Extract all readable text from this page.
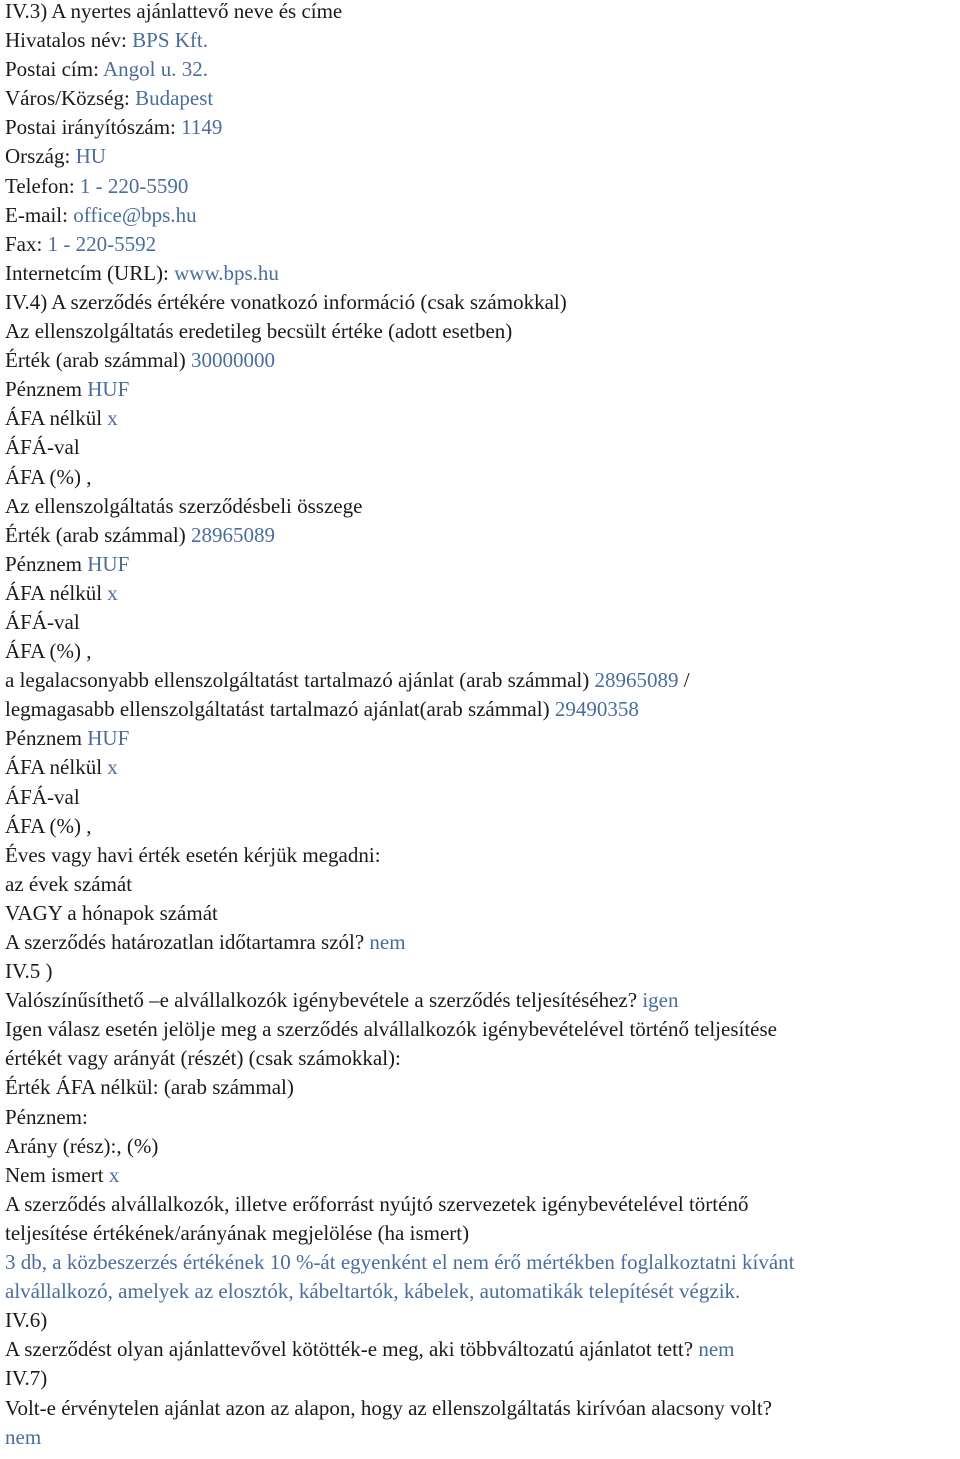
IV.3) A nyertes ajánlattevő neve és címe
Hivatalos név: BPS Kft.
Postai cím: Angol u. 32.
Város/Község: Budapest
Postai irányítószám: 1149
Ország: HU
Telefon: 1 - 220-5590
E-mail: office@bps.hu
Fax: 1 - 220-5592
Internetcím (URL): www.bps.hu
IV.4) A szerződés értékére vonatkozó információ (csak számokkal)
Az ellenszolgáltatás eredetileg becsült értéke (adott esetben)
Érték (arab számmal) 30000000
Pénznem HUF
ÁFA nélkül x
ÁFÁ-val
ÁFA (%) ,
Az ellenszolgáltatás szerződésbeli összege
Érték (arab számmal) 28965089
Pénznem HUF
ÁFA nélkül x
ÁFÁ-val
ÁFA (%) ,
a legalacsonyabb ellenszolgáltatást tartalmazó ajánlat (arab számmal) 28965089 /
legmagasabb ellenszolgáltatást tartalmazó ajánlat(arab számmal) 29490358
Pénznem HUF
ÁFA nélkül x
ÁFÁ-val
ÁFA (%) ,
Éves vagy havi érték esetén kérjük megadni:
az évek számát
VAGY a hónapok számát
A szerződés határozatlan időtartamra szól? nem
IV.5 )
Valószínűsíthető –e alvállalkozók igénybevétele a szerződés teljesítéséhez? igen
Igen válasz esetén jelölje meg a szerződés alvállalkozók igénybevételével történő teljesítése
értékét vagy arányát (részét) (csak számokkal):
Érték ÁFA nélkül: (arab számmal)
Pénznem:
Arány (rész):, (%)
Nem ismert x
A szerződés alvállalkozók, illetve erőforrást nyújtó szervezetek igénybevételével történő
teljesítése értékének/arányának megjelölése (ha ismert)
3 db, a közbeszerzés értékének 10 %-át egyenként el nem érő mértékben foglalkoztatni kívánt
alvállalkozó, amelyek az elosztók, kábeltartók, kábelek, automatikák telepítését végzik.
IV.6)
A szerződést olyan ajánlattevővel kötötték-e meg, aki többváltozatú ajánlatot tett? nem
IV.7)
Volt-e érvénytelen ajánlat azon az alapon, hogy az ellenszolgáltatás kirívóan alacsony volt?
nem
